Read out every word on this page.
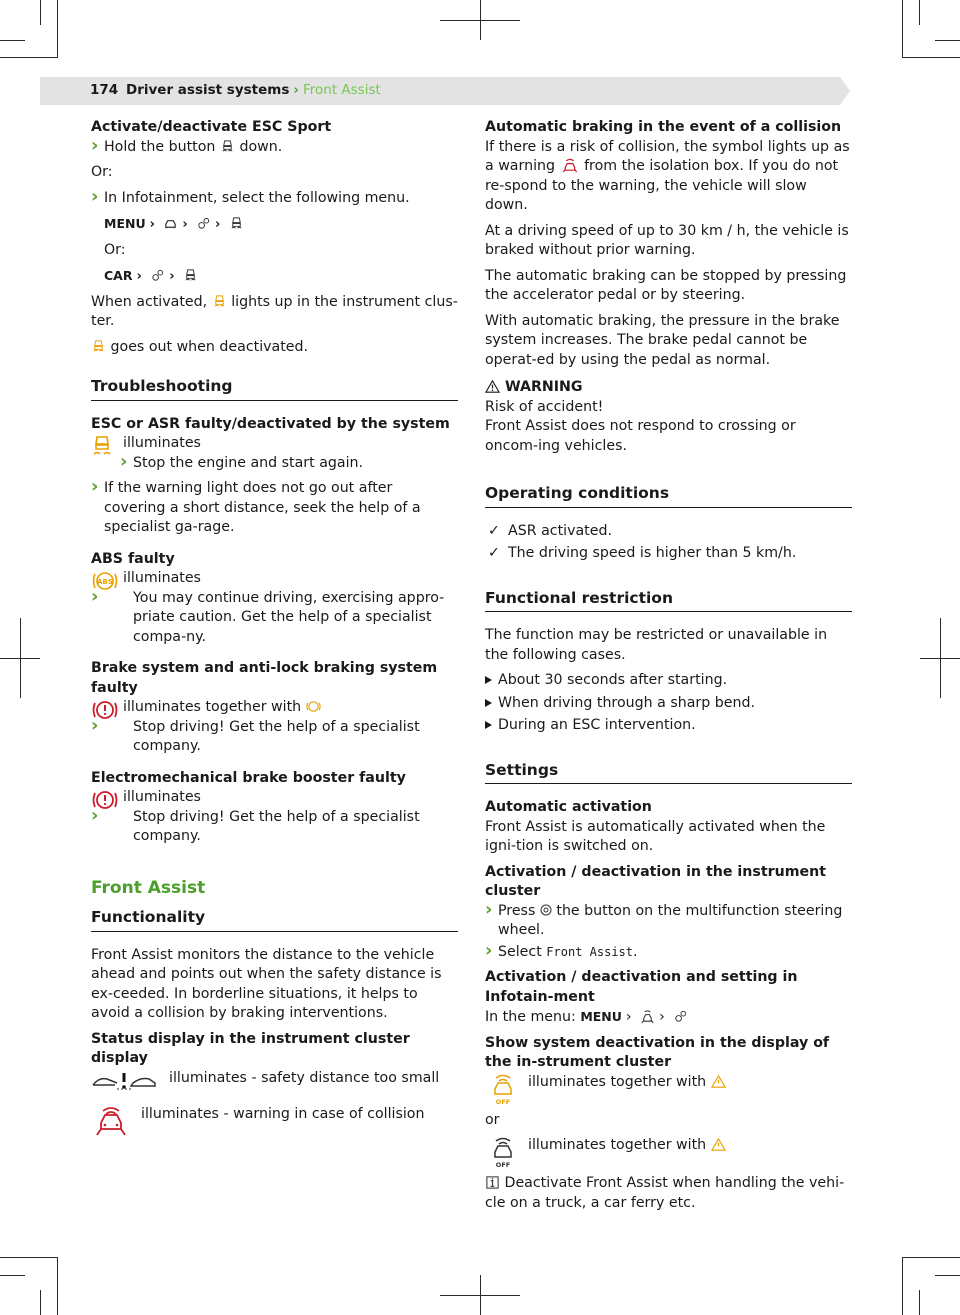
174 Driver assist systems › Front Assist
Activate/deactivate ESC Sport
› Hold the button down.
Or:
› In Infotainment, select the following menu.
MENU › › ›
Or:
CAR › ›
When activated, lights up in the instrument clus-ter.
goes out when deactivated.
Troubleshooting
ESC or ASR faulty/deactivated by the system
illuminates
› Stop the engine and start again.
› If the warning light does not go out after covering a short distance, seek the help of a specialist ga-rage.
ABS faulty
ABS illuminates
› You may continue driving, exercising appro-priate caution. Get the help of a specialist compa-ny.
Brake system and anti-lock braking system faulty
illuminates together with
› Stop driving! Get the help of a specialist company.
Electromechanical brake booster faulty
illuminates
› Stop driving! Get the help of a specialist company.
Front Assist
Functionality
Front Assist monitors the distance to the vehicle ahead and points out when the safety distance is ex-ceeded. In borderline situations, it helps to avoid a collision by braking interventions.
Status display in the instrument cluster display
illuminates - safety distance too small
illuminates - warning in case of collision
Automatic braking in the event of a collision
If there is a risk of collision, the symbol lights up as a warning from the isolation box. If you do not re-spond to the warning, the vehicle will slow down.
At a driving speed of up to 30 km / h, the vehicle is braked without prior warning.
The automatic braking can be stopped by pressing the accelerator pedal or by steering.
With automatic braking, the pressure in the brake system increases. The brake pedal cannot be operat-ed by using the pedal as normal.
WARNING
Risk of accident!
Front Assist does not respond to crossing or oncom-ing vehicles.
Operating conditions
✓ ASR activated.
✓ The driving speed is higher than 5 km/h.
Functional restriction
The function may be restricted or unavailable in the following cases.
About 30 seconds after starting.
When driving through a sharp bend.
During an ESC intervention.
Settings
Automatic activation
Front Assist is automatically activated when the igni-tion is switched on.
Activation / deactivation in the instrument cluster
› Press the button on the multifunction steering wheel.
› Select Front Assist.
Activation / deactivation and setting in Infotain-ment
In the menu: MENU › ›
Show system deactivation in the display of the in-strument cluster
OFF
illuminates together with
or
OFF
illuminates together with
Deactivate Front Assist when handling the vehi-cle on a truck, a car ferry etc.
